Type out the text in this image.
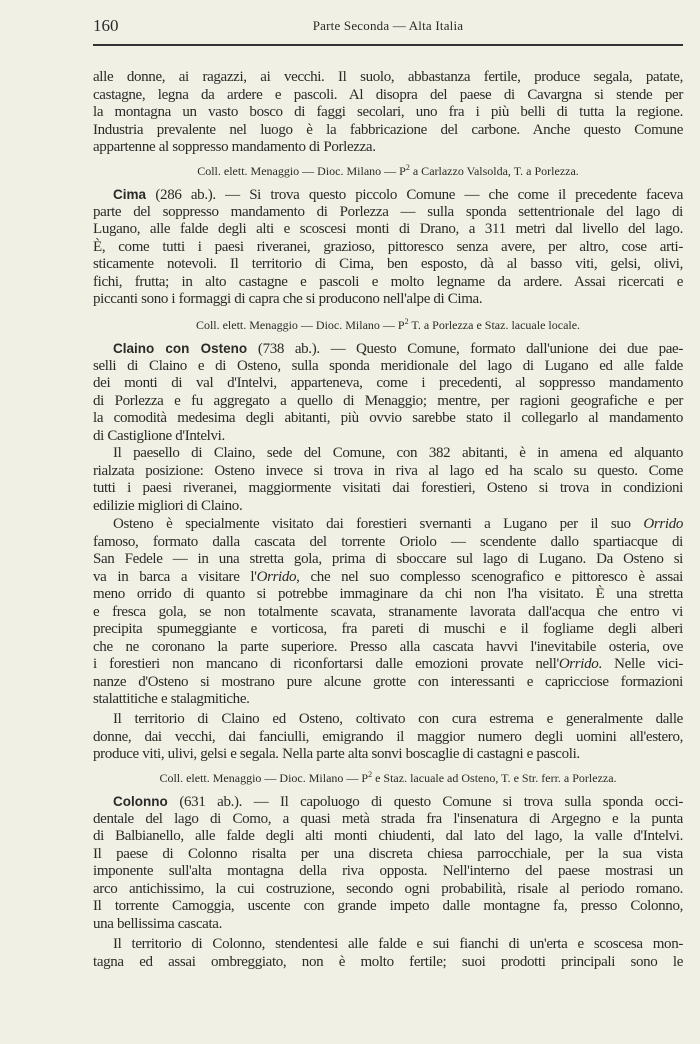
160	Parte Seconda — Alta Italia
alle donne, ai ragazzi, ai vecchi. Il suolo, abbastanza fertile, produce segala, patate,
castagne, legna da ardere e pascoli. Al disopra del paese di Cavargna si stende per
la montagna un vasto bosco di faggi secolari, uno fra i più belli di tutta la regione.
Industria prevalente nel luogo è la fabbricazione del carbone. Anche questo Comune
appartenne al soppresso mandamento di Porlezza.
Coll. elett. Menaggio — Dioc. Milano — $P^2$ a Carlazzo Valsolda, T. a Porlezza.
Cima (286 ab.). — Si trova questo piccolo Comune — che come il precedente faceva
parte del soppresso mandamento di Porlezza — sulla sponda settentrionale del lago di
Lugano, alle falde degli alti e scoscesi monti di Drano, a 311 metri dal livello del lago.
È, come tutti i paesi riveranei, grazioso, pittoresco senza avere, per altro, cose arti-
sticamente notevoli. Il territorio di Cima, ben esposto, dà al basso viti, gelsi, olivi,
fichi, frutta; in alto castagne e pascoli e molto legname da ardere. Assai ricercati e
piccanti sono i formaggi di capra che si producono nell'alpe di Cima.
Coll. elett. Menaggio — Dioc. Milano — $P^2$ T. a Porlezza e Staz. lacuale locale.
Claino con Osteno (738 ab.). — Questo Comune, formato dall'unione dei due pae-
selli di Claino e di Osteno, sulla sponda meridionale del lago di Lugano ed alle falde
dei monti di val d'Intelvi, apparteneva, come i precedenti, al soppresso mandamento
di Porlezza e fu aggregato a quello di Menaggio; mentre, per ragioni geografiche e per
la comodità medesima degli abitanti, più ovvio sarebbe stato il collegarlo al mandamento
di Castiglione d'Intelvi.
Il paesello di Claino, sede del Comune, con 382 abitanti, è in amena ed alquanto
rialzata posizione: Osteno invece si trova in riva al lago ed ha scalo su questo. Come
tutti i paesi riveranei, maggiormente visitati dai forestieri, Osteno si trova in condizioni
edilizie migliori di Claino.
Osteno è specialmente visitato dai forestieri svernanti a Lugano per il suo Orrido
famoso, formato dalla cascata del torrente Oriolo — scendente dallo spartiacque di
San Fedele — in una stretta gola, prima di sboccare sul lago di Lugano. Da Osteno si
va in barca a visitare l'Orrido, che nel suo complesso scenografico e pittoresco è assai
meno orrido di quanto si potrebbe immaginare da chi non l'ha visitato. È una stretta
e fresca gola, se non totalmente scavata, stranamente lavorata dall'acqua che entro vi
precipita spumeggiante e vorticosa, fra pareti di muschi e il fogliame degli alberi
che ne coronano la parte superiore. Presso alla cascata havvi l'inevitabile osteria, ove
i forestieri non mancano di riconfortarsi dalle emozioni provate nell'Orrido. Nelle vici-
nanze d'Osteno si mostrano pure alcune grotte con interessanti e capricciose formazioni
stalattitiche e stalagmitiche.
Il territorio di Claino ed Osteno, coltivato con cura estrema e generalmente dalle
donne, dai vecchi, dai fanciulli, emigrando il maggior numero degli uomini all'estero,
produce viti, ulivi, gelsi e segala. Nella parte alta sonvi boscaglie di castagni e pascoli.
Coll. elett. Menaggio — Dioc. Milano — $P^2$ e Staz. lacuale ad Osteno, T. e Str. ferr. a Porlezza.
Colonno (631 ab.). — Il capoluogo di questo Comune si trova sulla sponda occi-
dentale del lago di Como, a quasi metà strada fra l'insenatura di Argegno e la punta
di Balbianello, alle falde degli alti monti chiudenti, dal lato del lago, la valle d'Intelvi.
Il paese di Colonno risalta per una discreta chiesa parrocchiale, per la sua vista
imponente sull'alta montagna della riva opposta. Nell'interno del paese mostrasi un
arco antichissimo, la cui costruzione, secondo ogni probabilità, risale al periodo romano.
Il torrente Camoggia, uscente con grande impeto dalle montagne fa, presso Colonno,
una bellissima cascata.
Il territorio di Colonno, stendentesi alle falde e sui fianchi di un'erta e scoscesa mon-
tagna ed assai ombreggiato, non è molto fertile; suoi prodotti principali sono le
